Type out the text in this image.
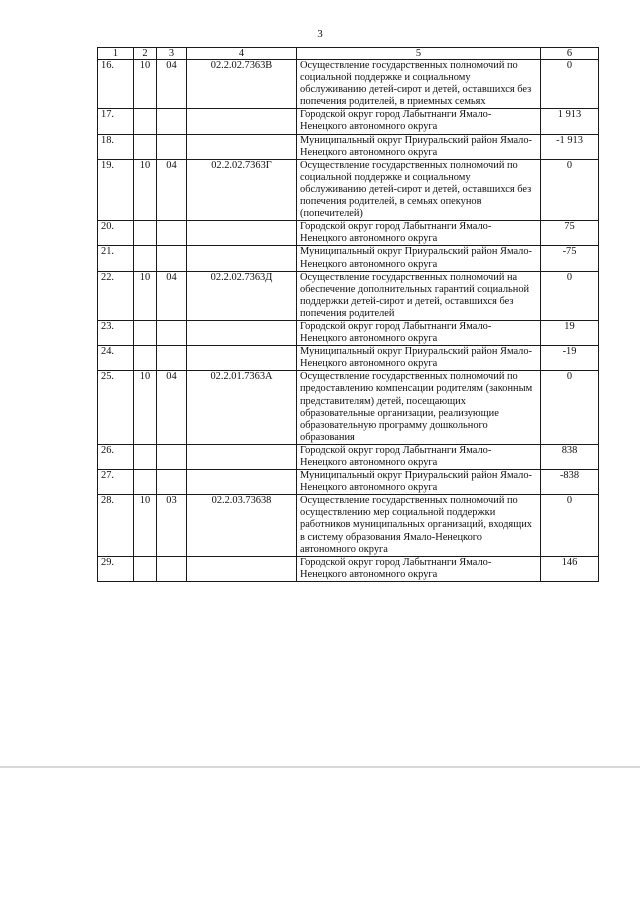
3
1	2	3	4	5	6
16.	10	04	02.2.02.7363В	Осуществление государственных полномочий по социальной поддержке и социальному обслуживанию детей-сирот и детей, оставшихся без попечения родителей, в приемных семьях	0
17.				Городской округ город Лабытнанги Ямало-Ненецкого автономного округа	1 913
18.				Муниципальный округ Приуральский район Ямало-Ненецкого автономного округа	-1 913
19.	10	04	02.2.02.7363Г	Осуществление государственных полномочий по социальной поддержке и социальному обслуживанию детей-сирот и детей, оставшихся без попечения родителей, в семьях опекунов (попечителей)	0
20.				Городской округ город Лабытнанги Ямало-Ненецкого автономного округа	75
21.				Муниципальный округ Приуральский район Ямало-Ненецкого автономного округа	-75
22.	10	04	02.2.02.7363Д	Осуществление государственных полномочий на обеспечение дополнительных гарантий социальной поддержки детей-сирот и детей, оставшихся без попечения родителей	0
23.				Городской округ город Лабытнанги Ямало-Ненецкого автономного округа	19
24.				Муниципальный округ Приуральский район Ямало-Ненецкого автономного округа	-19
25.	10	04	02.2.01.7363А	Осуществление государственных полномочий по предоставлению компенсации родителям (законным представителям) детей, посещающих образовательные организации, реализующие образовательную программу дошкольного образования	0
26.				Городской округ город Лабытнанги Ямало-Ненецкого автономного округа	838
27.				Муниципальный округ Приуральский район Ямало-Ненецкого автономного округа	-838
28.	10	03	02.2.03.73638	Осуществление государственных полномочий по осуществлению мер социальной поддержки работников муниципальных организаций, входящих в систему образования Ямало-Ненецкого автономного округа	0
29.				Городской округ город Лабытнанги Ямало-Ненецкого автономного округа	146
